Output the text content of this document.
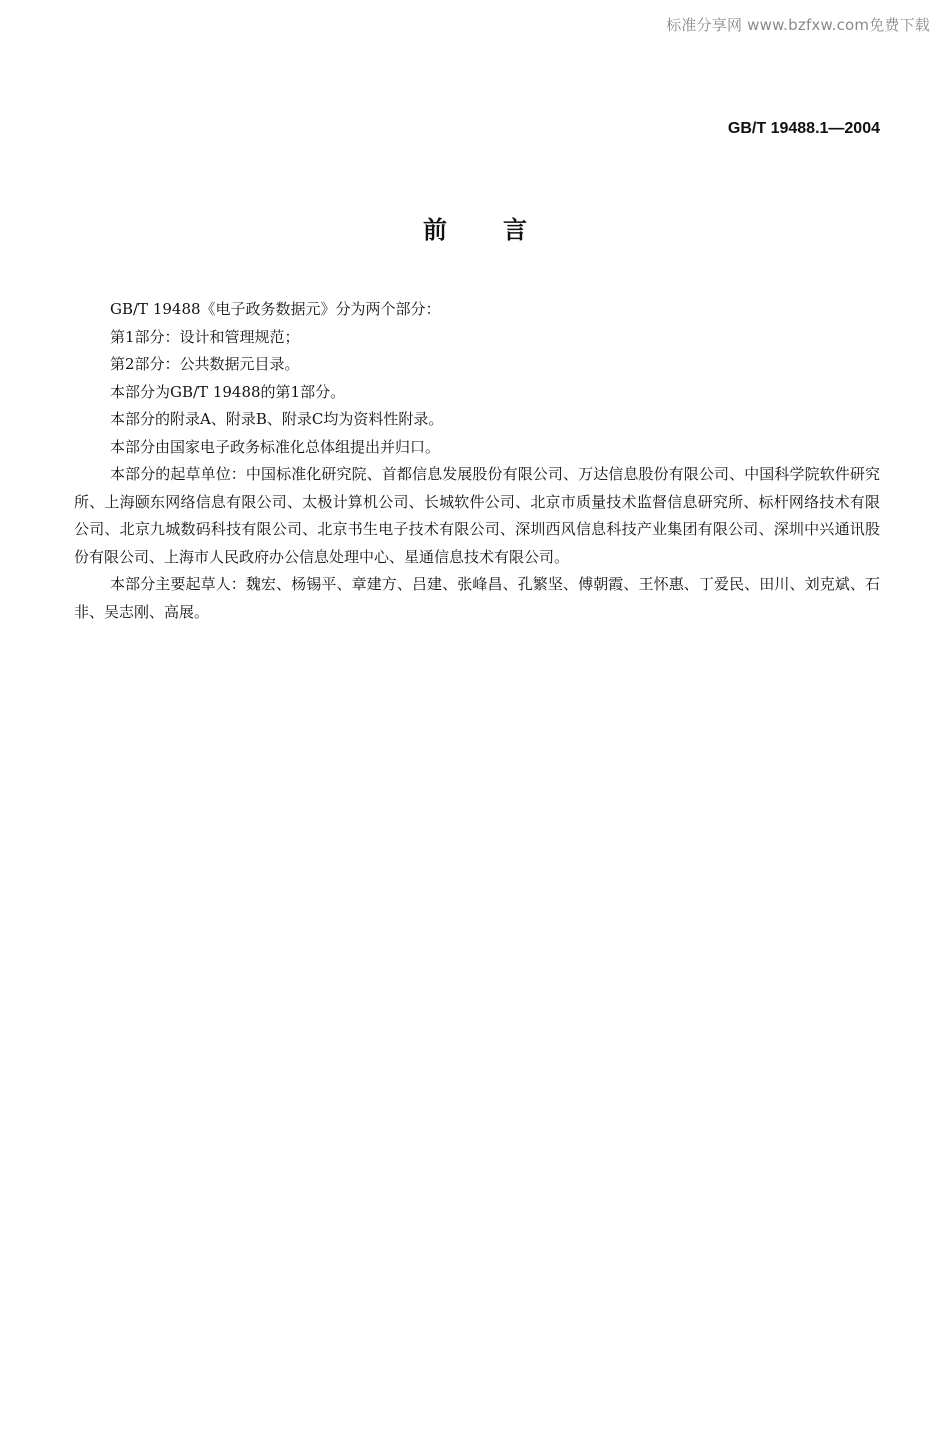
标准分享网 www.bzfxw.com免费下载
GB/T 19488.1—2004
前言

GB/T 19488《电子政务数据元》分为两个部分：

第1部分：设计和管理规范；

第2部分：公共数据元目录。

本部分为GB/T 19488的第1部分。

本部分的附录A、附录B、附录C均为资料性附录。

本部分由国家电子政务标准化总体组提出并归口。

本部分的起草单位：中国标准化研究院、首都信息发展股份有限公司、万达信息股份有限公司、中国科学院软件研究所、上海颐东网络信息有限公司、太极计算机公司、长城软件公司、北京市质量技术监督信息研究所、标杆网络技术有限公司、北京九城数码科技有限公司、北京书生电子技术有限公司、深圳西风信息科技产业集团有限公司、深圳中兴通讯股份有限公司、上海市人民政府办公信息处理中心、星通信息技术有限公司。

本部分主要起草人：魏宏、杨锡平、章建方、吕建、张峰昌、孔繁坚、傅朝霞、王怀惠、丁爱民、田川、刘克斌、石非、吴志刚、高展。
